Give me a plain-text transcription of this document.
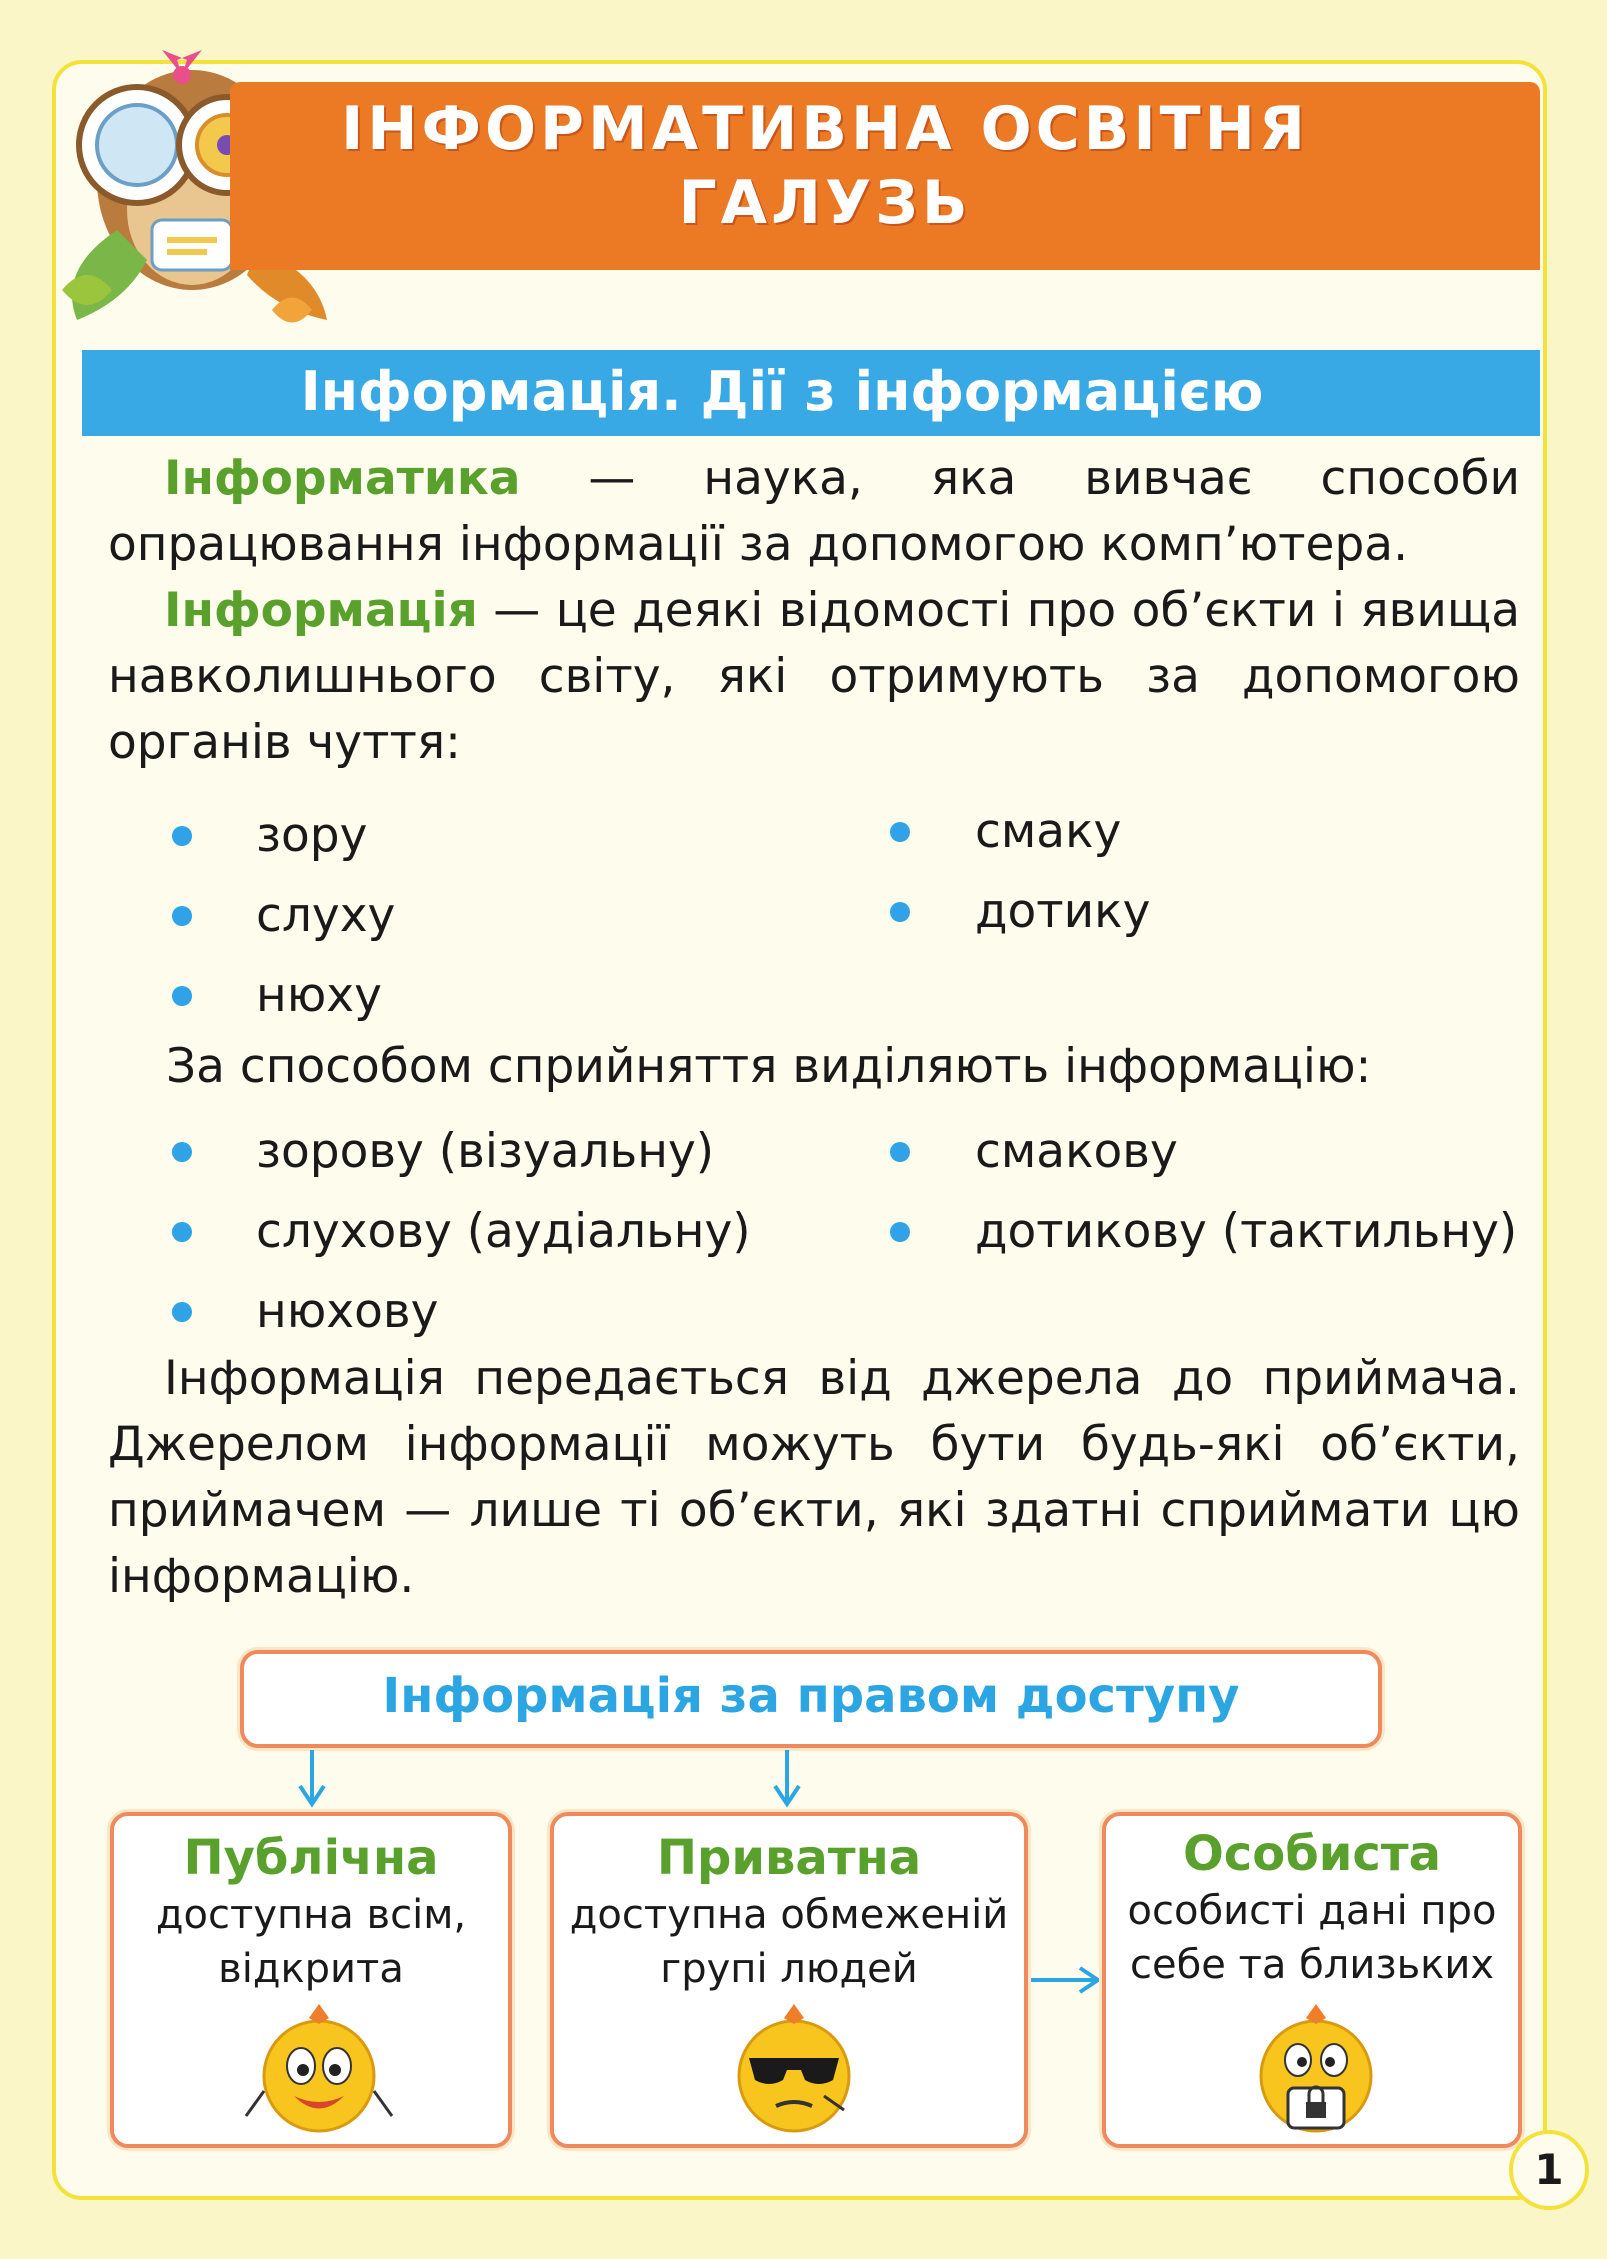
ІНФОРМАТИВНА ОСВІТНЯ
ГАЛУЗЬ
Інформація. Дії з інформацією
Інформатика — наука, яка вивчає способи опрацювання інформації за допомогою комп’ютера.
Інформація — це деякі відомості про об’єкти і явища навколишнього світу, які отримують за допомогою органів чуття:
зору
слуху
нюху
смаку
дотику
За способом сприйняття виділяють інформацію:
зорову (візуальну)
слухову (аудіальну)
нюхову
смакову
дотикову (тактильну)
Інформація передається від джерела до приймача. Джерелом інформації можуть бути будь-які об’єкти, приймачем — лише ті об’єкти, які здатні сприймати цю інформацію.
Інформація за правом доступу
Публічна
доступна всім,
відкрита
Приватна
доступна обмеженій
групі людей
Особиста
особисті дані про
себе та близьких
1
